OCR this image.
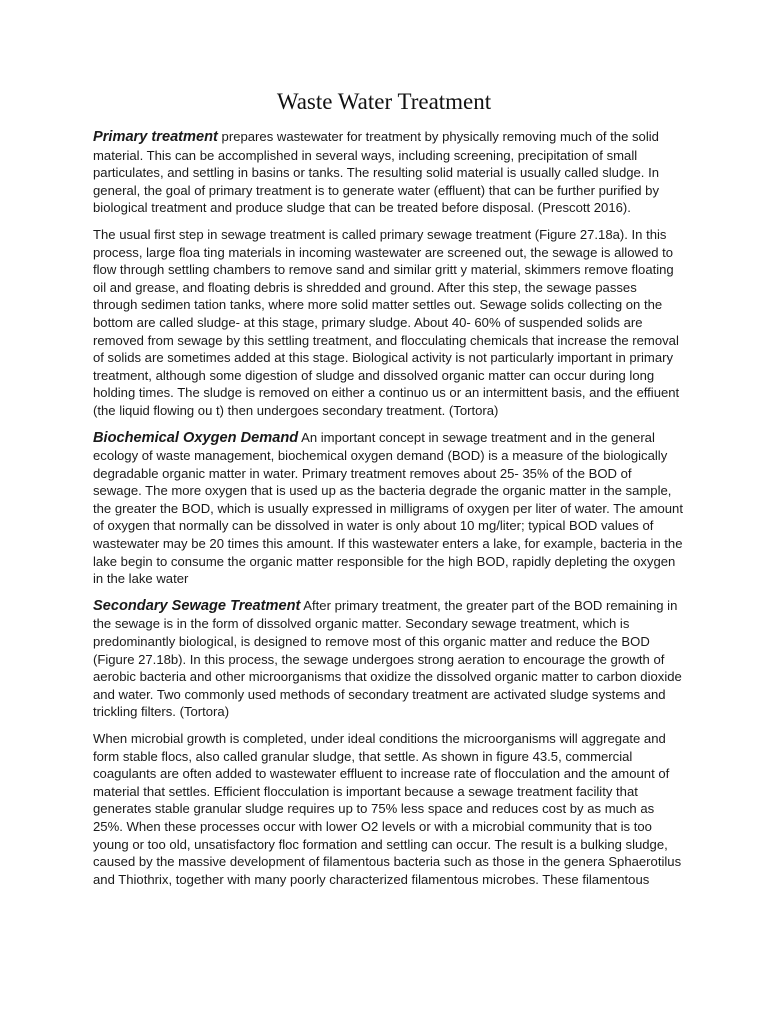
Waste Water Treatment

Primary treatment prepares wastewater for treatment by physically removing much of the solid material. This can be accomplished in several ways, including screening, precipitation of small particulates, and settling in basins or tanks. The resulting solid material is usually called sludge. In general, the goal of primary treatment is to generate water (effluent) that can be further purified by biological treatment and produce sludge that can be treated before disposal. (Prescott 2016).

The usual first step in sewage treatment is called primary sewage treatment (Figure 27.18a). In this process, large floa ting materials in incoming wastewater are screened out, the sewage is allowed to flow through settling chambers to remove sand and similar gritt y material, skimmers remove floating oil and grease, and floating debris is shredded and ground. After this step, the sewage passes through sedimen tation tanks, where more solid matter settles out. Sewage solids collecting on the bottom are called sludge- at this stage, primary sludge. About 40- 60% of suspended solids are removed from sewage by this settling treatment, and flocculating chemicals that increase the removal of solids are sometimes added at this stage. Biological activity is not particularly important in primary treatment, although some digestion of sludge and dissolved organic matter can occur during long holding times. The sludge is removed on either a continuo us or an intermittent basis, and the effiuent (the liquid flowing ou t) then undergoes secondary treatment. (Tortora)

Biochemical Oxygen Demand An important concept in sewage treatment and in the general ecology of waste management, biochemical oxygen demand (BOD) is a measure of the biologically degradable organic matter in water. Primary treatment removes about 25- 35% of the BOD of sewage. The more oxygen that is used up as the bacteria degrade the organic matter in the sample, the greater the BOD, which is usually expressed in milligrams of oxygen per liter of water. The amount of oxygen that normally can be dissolved in water is only about 10 mg/liter; typical BOD values of wastewater may be 20 times this amount. If this wastewater enters a lake, for example, bacteria in the lake begin to consume the organic matter responsible for the high BOD, rapidly depleting the oxygen in the lake water

Secondary Sewage Treatment After primary treatment, the greater part of the BOD remaining in the sewage is in the form of dissolved organic matter. Secondary sewage treatment, which is predominantly biological, is designed to remove most of this organic matter and reduce the BOD (Figure 27.18b). In this process, the sewage undergoes strong aeration to encourage the growth of aerobic bacteria and other microorganisms that oxidize the dissolved organic matter to carbon dioxide and water. Two commonly used methods of secondary treatment are activated sludge systems and trickling filters. (Tortora)

When microbial growth is completed, under ideal conditions the microorganisms will aggregate and form stable flocs, also called granular sludge, that settle. As shown in figure 43.5, commercial coagulants are often added to wastewater effluent to increase rate of flocculation and the amount of material that settles. Efficient flocculation is important because a sewage treatment facility that generates stable granular sludge requires up to 75% less space and reduces cost by as much as 25%. When these processes occur with lower O2 levels or with a microbial community that is too young or too old, unsatisfactory floc formation and settling can occur. The result is a bulking sludge, caused by the massive development of filamentous bacteria such as those in the genera Sphaerotilus and Thiothrix, together with many poorly characterized filamentous microbes. These filamentous
